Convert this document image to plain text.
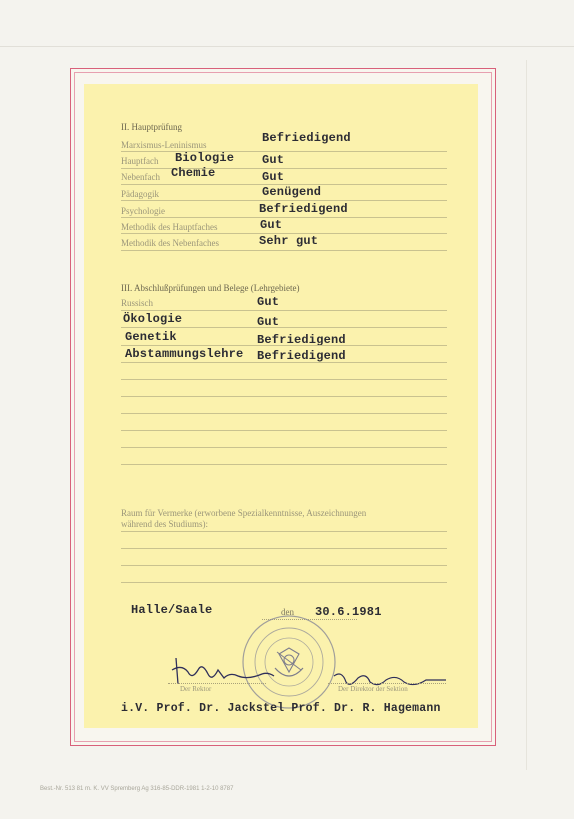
II. Hauptprüfung
Marxismus-Leninismus	Befriedigend
Hauptfach Biologie Gut
Nebenfach Chemie	Gut
Pädagogik	Genügend
Psychologie	Befriedigend
Methodik des Hauptfaches	Gut
Methodik des Nebenfaches	Sehr gut
III. Abschlußprüfungen und Belege (Lehrgebiete)
Russisch	Gut
Ökologie	Gut
Genetik	Befriedigend
Abstammungslehre Befriedigend
Raum für Vermerke (erworbene Spezialkenntnisse, Auszeichnungen
während des Studiums):
Halle/Saale	den 30.6.1981
Der Rektor	Der Direktor der Sektion
i.V. Prof. Dr. Jackstel Prof. Dr. R. Hagemann
Best.-Nr. 513 81 m. K. VV Spremberg Ag 316-85-DDR-1981 1-2-10 8787
